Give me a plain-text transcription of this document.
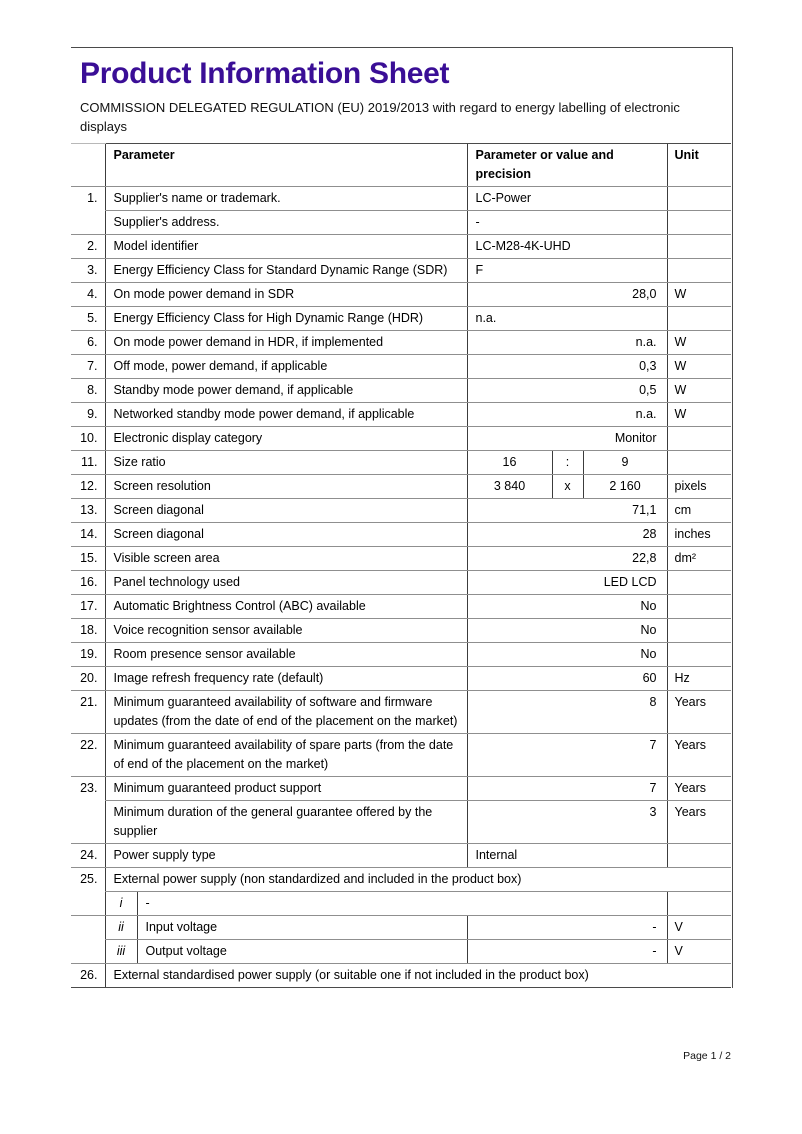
Product Information Sheet
COMMISSION DELEGATED REGULATION (EU) 2019/2013 with regard to energy labelling of electronic displays
	Parameter		Parameter or value and precision			Unit
1.	Supplier's name or trademark.		LC-Power			
	Supplier's address.		-			
2.	Model identifier		LC-M28-4K-UHD			
3.	Energy Efficiency Class for Standard Dynamic Range (SDR)		F			
4.	On mode power demand in SDR		28,0			W
5.	Energy Efficiency Class for High Dynamic Range (HDR)		n.a.			
6.	On mode power demand in HDR, if implemented		n.a.			W
7.	Off mode, power demand, if applicable		0,3			W
8.	Standby mode power demand, if applicable		0,5			W
9.	Networked standby mode power demand, if applicable		n.a.			W
10.	Electronic display category		Monitor			
11.	Size ratio		16	:	9	
12.	Screen resolution		3 840	x	2 160	pixels
13.	Screen diagonal		71,1			cm
14.	Screen diagonal		28			inches
15.	Visible screen area		22,8			dm²
16.	Panel technology used		LED LCD			
17.	Automatic Brightness Control (ABC) available		No			
18.	Voice recognition sensor available		No			
19.	Room presence sensor available		No			
20.	Image refresh frequency rate (default)		60			Hz
21.	Minimum guaranteed availability of software and firmware updates (from the date of end of the placement on the market)		8			Years
22.	Minimum guaranteed availability of spare parts (from the date of end of the placement on the market)		7			Years
23.	Minimum guaranteed product support		7			Years
	Minimum duration of the general guarantee offered by the supplier		3			Years
24.	Power supply type		Internal			
25.	External power supply (non standardized and included in the product box)					
	i	-				
	ii	Input voltage	-			V
	iii	Output voltage	-			V
26.	External standardised power supply (or suitable one if not included in the product box)					
Page 1 / 2
